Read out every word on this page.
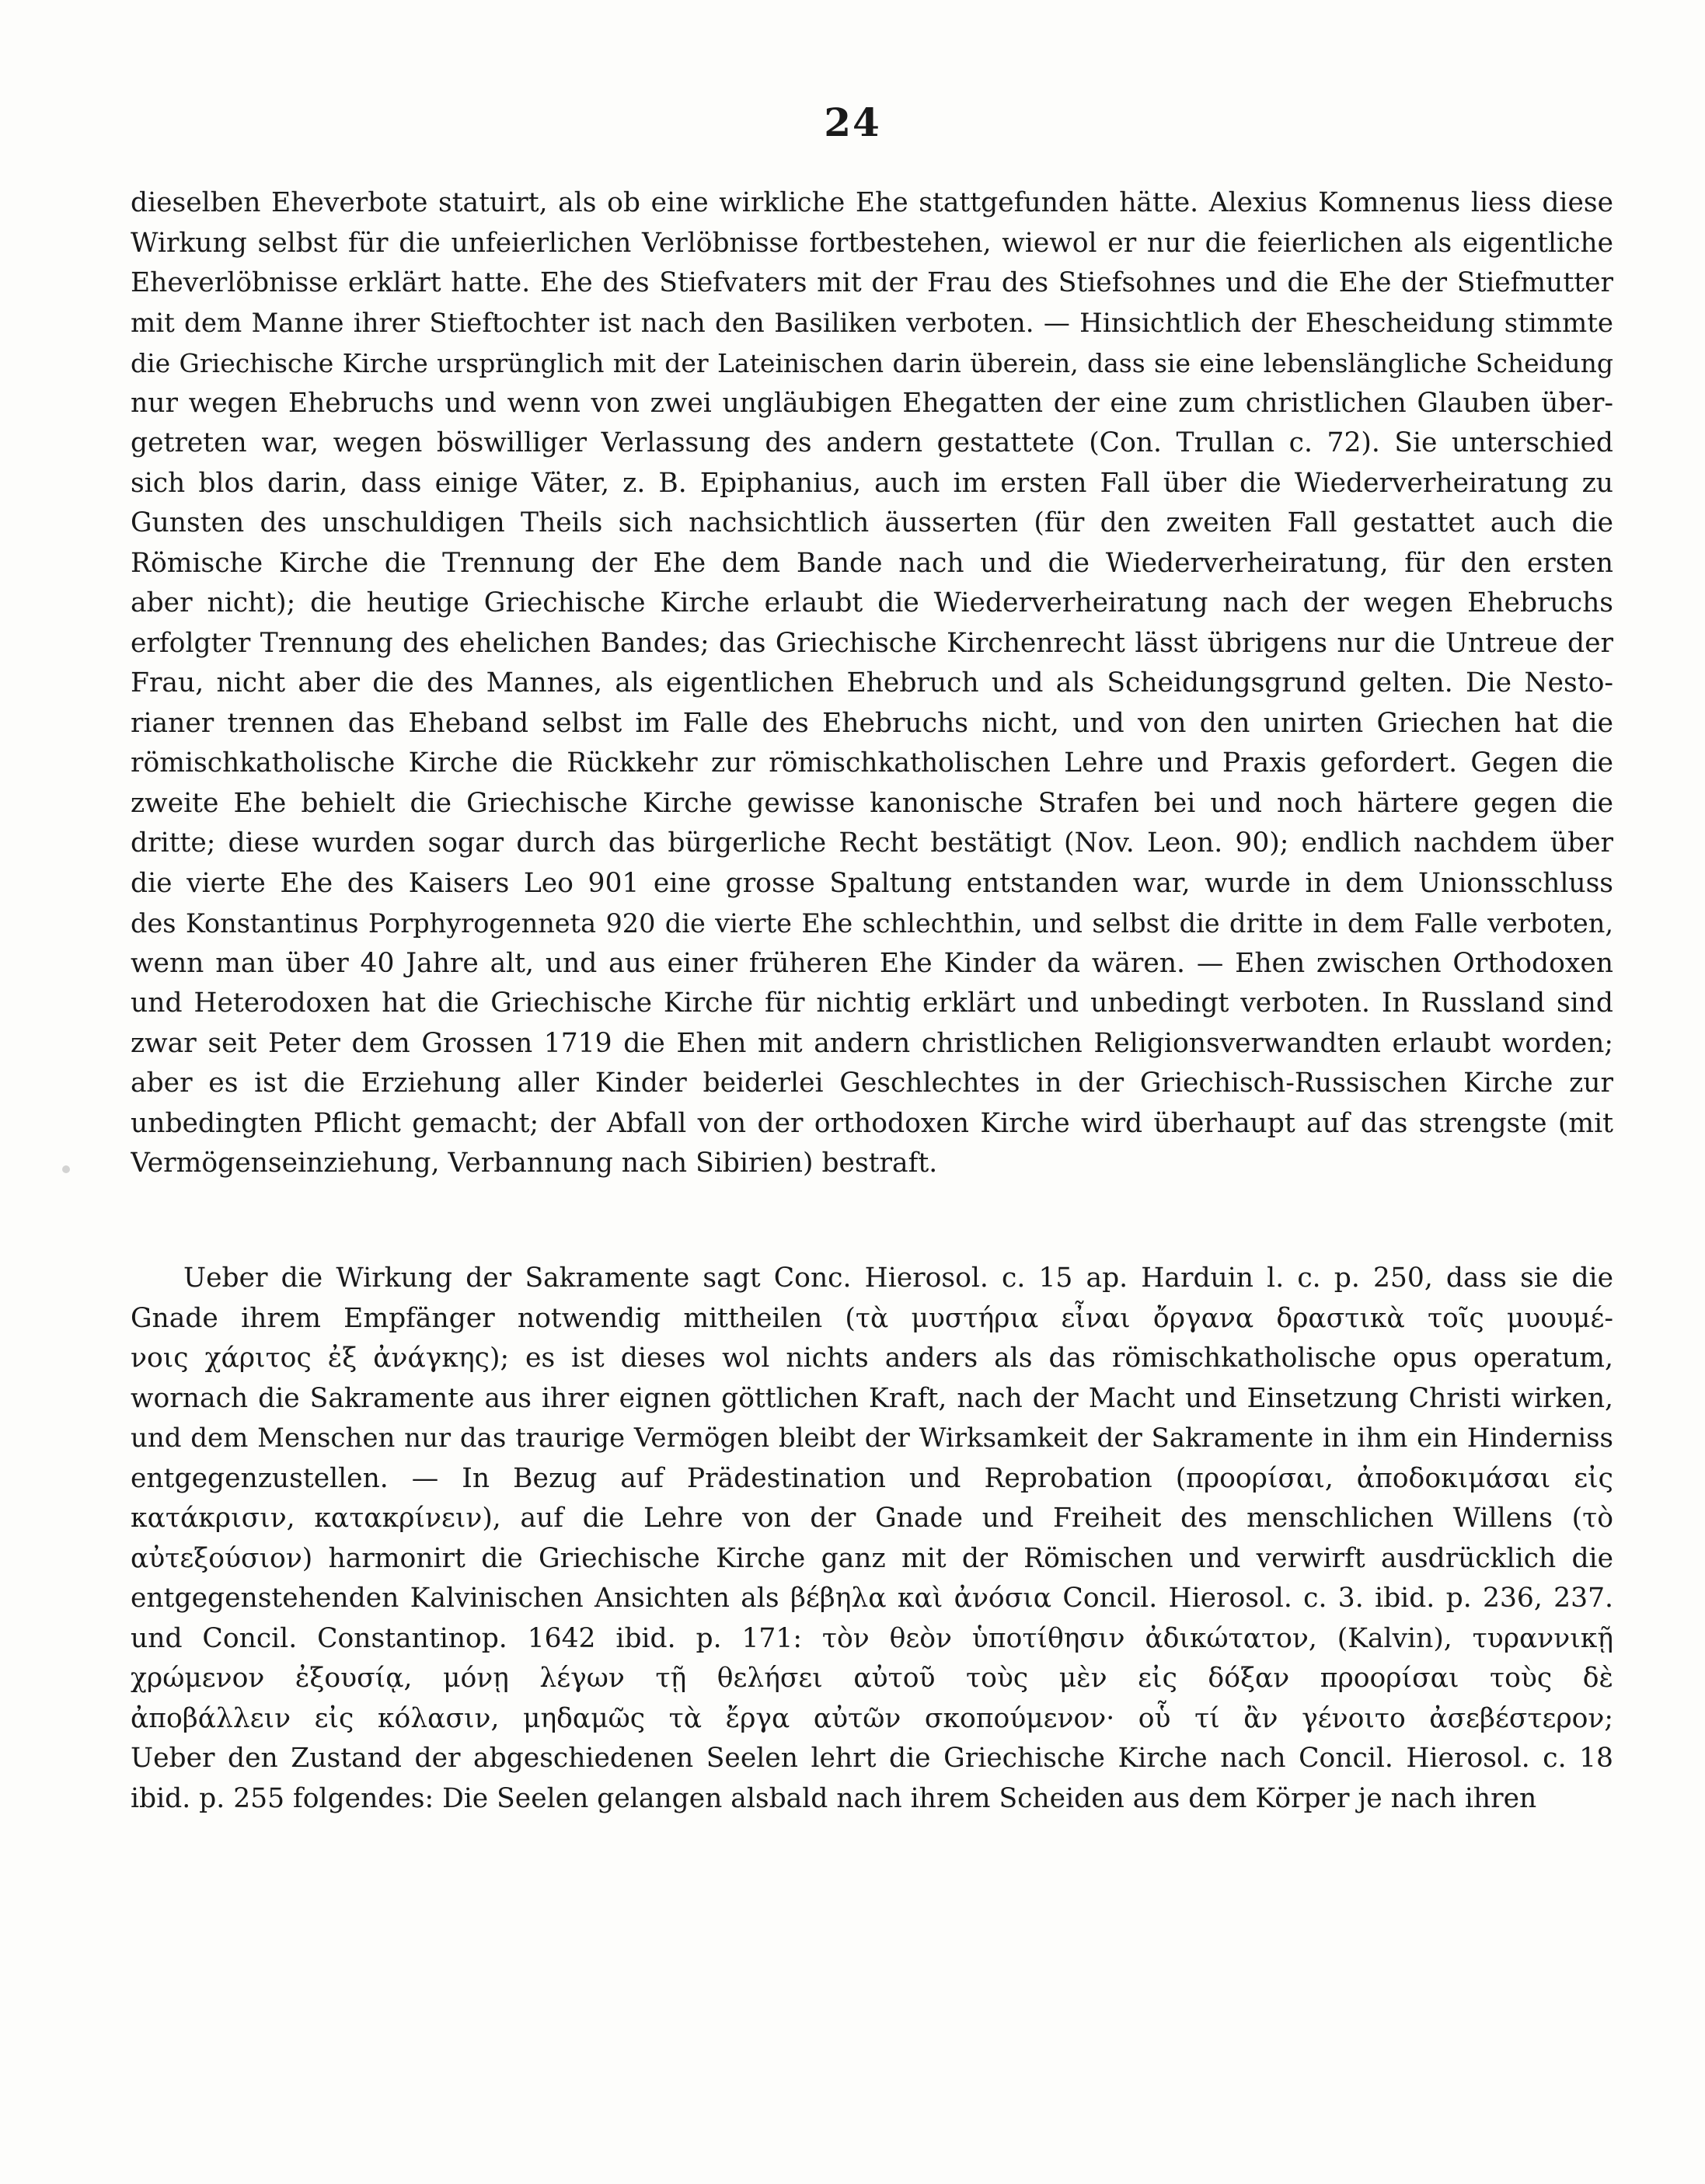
24
dieselben Eheverbote statuirt, als ob eine wirkliche Ehe stattgefunden hätte. Alexius Komnenus liess diese
Wirkung selbst für die unfeierlichen Verlöbnisse fortbestehen, wiewol er nur die feierlichen als eigentliche
Eheverlöbnisse erklärt hatte. Ehe des Stiefvaters mit der Frau des Stiefsohnes und die Ehe der Stiefmutter
mit dem Manne ihrer Stieftochter ist nach den Basiliken verboten. — Hinsichtlich der Ehescheidung stimmte
die Griechische Kirche ursprünglich mit der Lateinischen darin überein, dass sie eine lebenslängliche Scheidung
nur wegen Ehebruchs und wenn von zwei ungläubigen Ehegatten der eine zum christlichen Glauben über-
getreten war, wegen böswilliger Verlassung des andern gestattete (Con. Trullan c. 72). Sie unterschied
sich blos darin, dass einige Väter, z. B. Epiphanius, auch im ersten Fall über die Wiederverheiratung zu
Gunsten des unschuldigen Theils sich nachsichtlich äusserten (für den zweiten Fall gestattet auch die
Römische Kirche die Trennung der Ehe dem Bande nach und die Wiederverheiratung, für den ersten
aber nicht); die heutige Griechische Kirche erlaubt die Wiederverheiratung nach der wegen Ehebruchs
erfolgter Trennung des ehelichen Bandes; das Griechische Kirchenrecht lässt übrigens nur die Untreue der
Frau, nicht aber die des Mannes, als eigentlichen Ehebruch und als Scheidungsgrund gelten. Die Nesto-
rianer trennen das Eheband selbst im Falle des Ehebruchs nicht, und von den unirten Griechen hat die
römischkatholische Kirche die Rückkehr zur römischkatholischen Lehre und Praxis gefordert. Gegen die
zweite Ehe behielt die Griechische Kirche gewisse kanonische Strafen bei und noch härtere gegen die
dritte; diese wurden sogar durch das bürgerliche Recht bestätigt (Nov. Leon. 90); endlich nachdem über
die vierte Ehe des Kaisers Leo 901 eine grosse Spaltung entstanden war, wurde in dem Unionsschluss
des Konstantinus Porphyrogenneta 920 die vierte Ehe schlechthin, und selbst die dritte in dem Falle verboten,
wenn man über 40 Jahre alt, und aus einer früheren Ehe Kinder da wären. — Ehen zwischen Orthodoxen
und Heterodoxen hat die Griechische Kirche für nichtig erklärt und unbedingt verboten. In Russland sind
zwar seit Peter dem Grossen 1719 die Ehen mit andern christlichen Religionsverwandten erlaubt worden;
aber es ist die Erziehung aller Kinder beiderlei Geschlechtes in der Griechisch-Russischen Kirche zur
unbedingten Pflicht gemacht; der Abfall von der orthodoxen Kirche wird überhaupt auf das strengste (mit
Vermögenseinziehung, Verbannung nach Sibirien) bestraft.
Ueber die Wirkung der Sakramente sagt Conc. Hierosol. c. 15 ap. Harduin l. c. p. 250, dass sie die
Gnade ihrem Empfänger notwendig mittheilen (τὰ μυστήρια εἶναι ὄργανα δραστικὰ τοῖς μυουμέ-
νοις χάριτος ἐξ ἀνάγκης); es ist dieses wol nichts anders als das römischkatholische opus operatum,
wornach die Sakramente aus ihrer eignen göttlichen Kraft, nach der Macht und Einsetzung Christi wirken,
und dem Menschen nur das traurige Vermögen bleibt der Wirksamkeit der Sakramente in ihm ein Hinderniss
entgegenzustellen. — In Bezug auf Prädestination und Reprobation (προορίσαι, ἀποδοκιμάσαι εἰς
κατάκρισιν, κατακρίνειν), auf die Lehre von der Gnade und Freiheit des menschlichen Willens (τὸ
αὐτεξούσιον) harmonirt die Griechische Kirche ganz mit der Römischen und verwirft ausdrücklich die
entgegenstehenden Kalvinischen Ansichten als βέβηλα καὶ ἀνόσια Concil. Hierosol. c. 3. ibid. p. 236, 237.
und Concil. Constantinop. 1642 ibid. p. 171: τὸν θεὸν ὑποτίθησιν ἀδικώτατον, (Kalvin), τυραννικῇ
χρώμενον ἐξουσίᾳ, μόνῃ λέγων τῇ θελήσει αὐτοῦ τοὺς μὲν εἰς δόξαν προορίσαι τοὺς δὲ
ἀποβάλλειν εἰς κόλασιν, μηδαμῶς τὰ ἔργα αὐτῶν σκοπούμενον· οὗ τί ἂν γένοιτο ἀσεβέστερον;
Ueber den Zustand der abgeschiedenen Seelen lehrt die Griechische Kirche nach Concil. Hierosol. c. 18
ibid. p. 255 folgendes: Die Seelen gelangen alsbald nach ihrem Scheiden aus dem Körper je nach ihren
